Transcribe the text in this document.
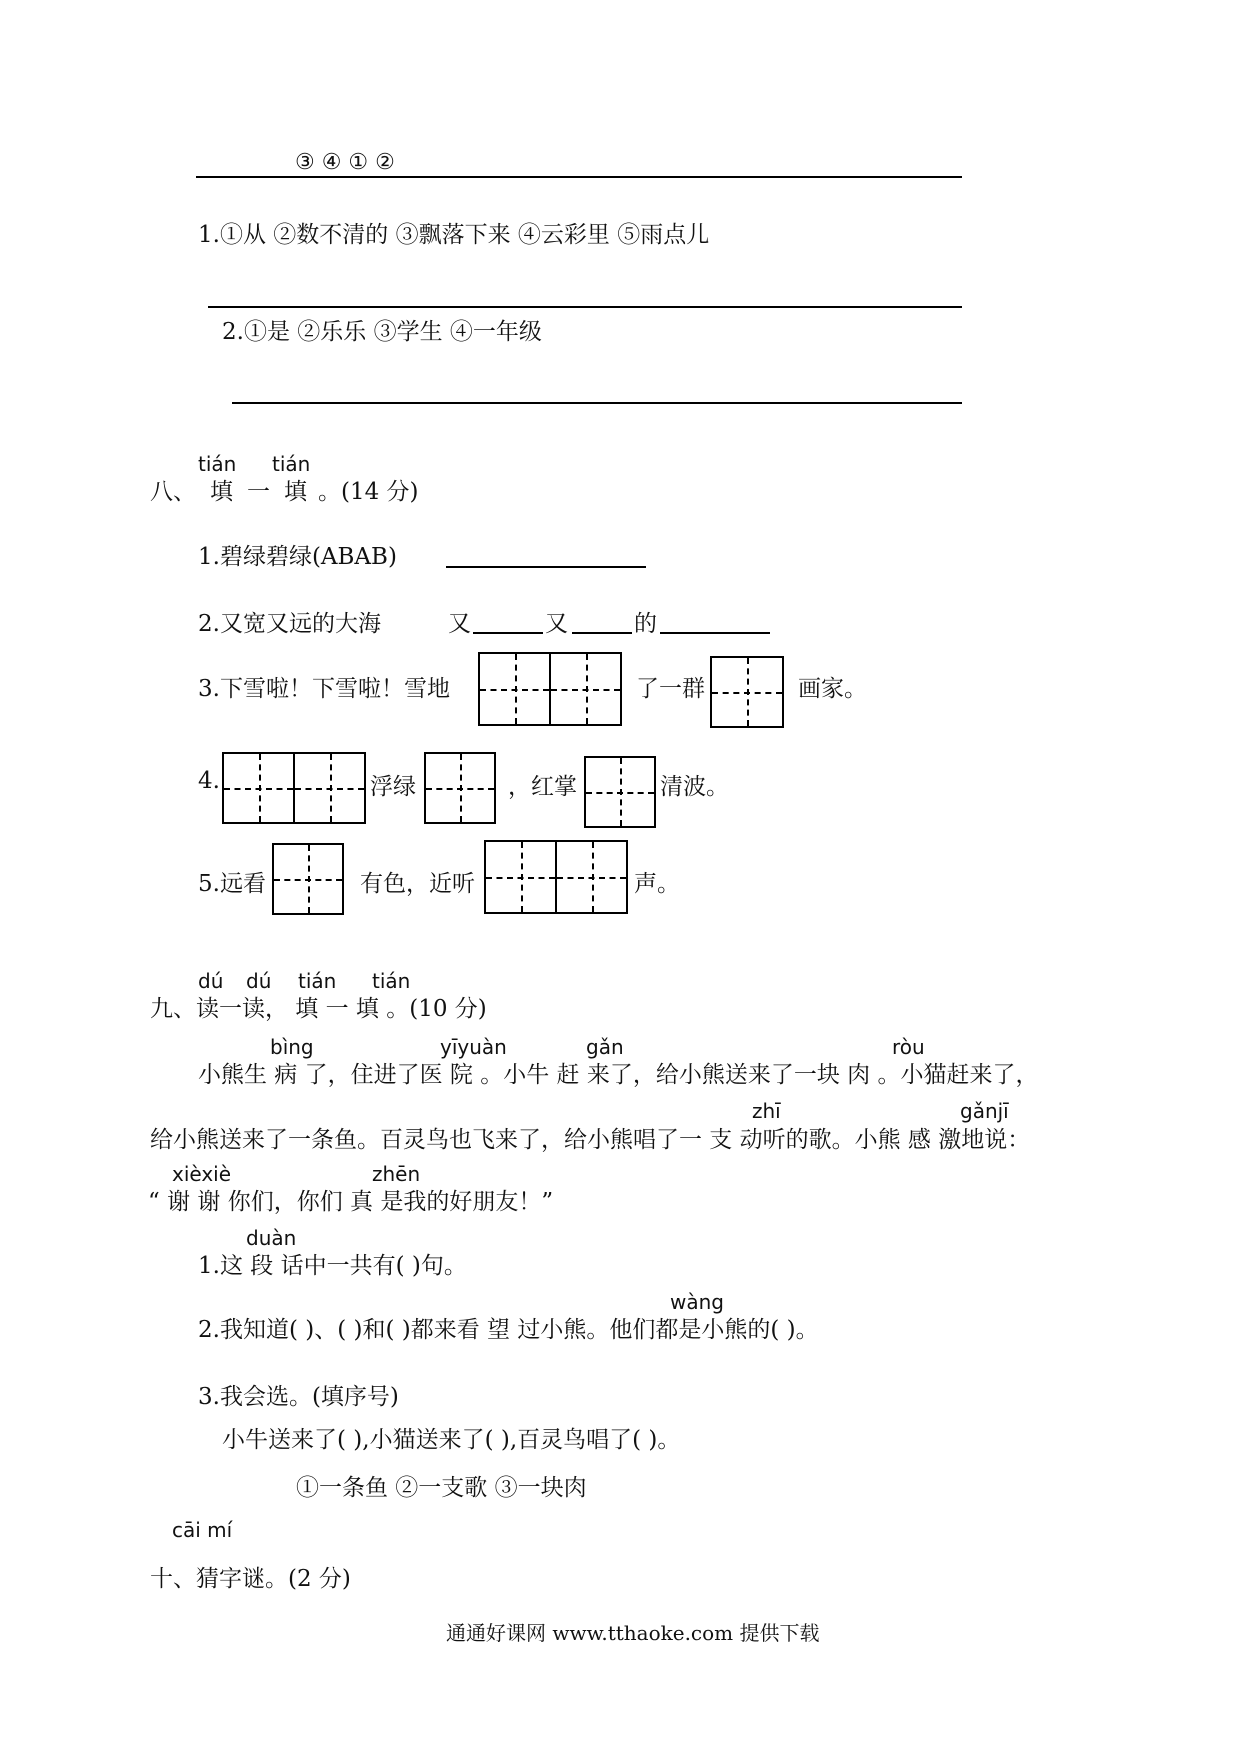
③ ④ ① ②
1.①从 ②数不清的 ③飘落下来 ④云彩里 ⑤雨点儿
2.①是 ②乐乐 ③学生 ④一年级
tián tián
八、 填 一 填 。(14 分)
1.碧绿碧绿(ABAB)
2.又宽又远的大海	又	又	的
3.下雪啦！下雪啦！雪地	了一群	画家。
4.	浮绿	，红掌	清波。
5.远看	有色，近听	声。
dú dú tián tián
九、读一读， 填 一 填 。(10 分)
bìng	yīyuàn	gǎn	ròu
小熊生 病 了，住进了医 院 。小牛 赶 来了，给小熊送来了一块 肉 。小猫赶来了，
zhī	gǎnjī
给小熊送来了一条鱼。百灵鸟也飞来了，给小熊唱了一 支 动听的歌。小熊 感 激地说：
xièxiè	zhēn
“ 谢 谢 你们，你们 真 是我的好朋友！”
duàn
1.这 段 话中一共有( )句。
wàng
2.我知道( )、( )和( )都来看 望 过小熊。他们都是小熊的( )。
3.我会选。(填序号)
小牛送来了( ),小猫送来了( ),百灵鸟唱了( )。
①一条鱼 ②一支歌 ③一块肉
cāi mí
十、猜字谜。(2 分)
通通好课网 www.tthaoke.com 提供下载
